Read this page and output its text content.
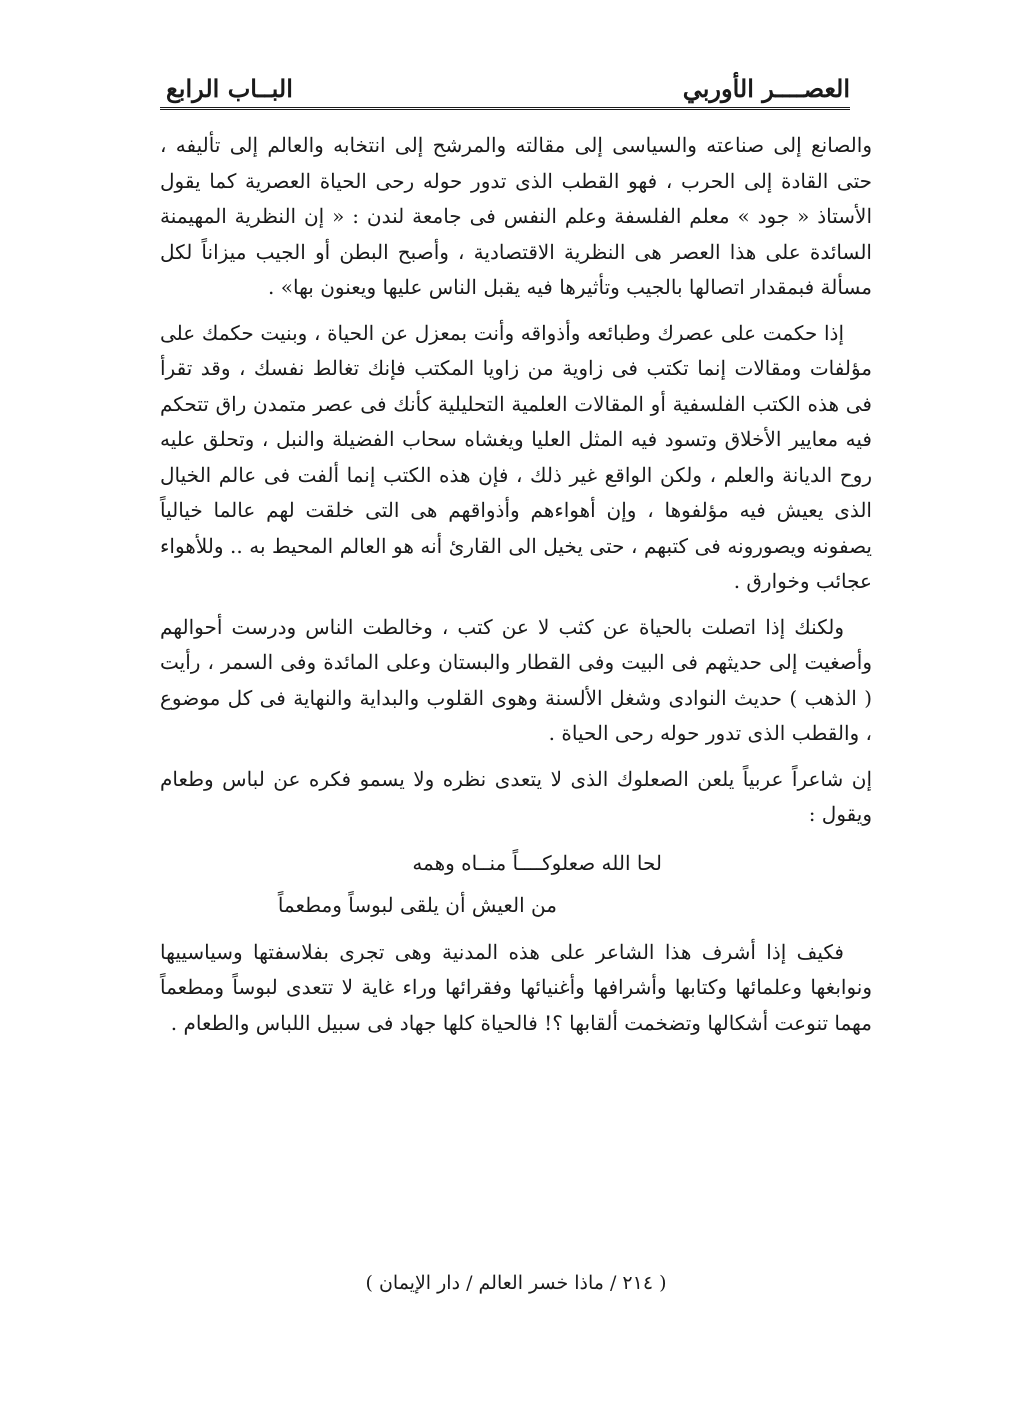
العصــــر الأوربي
البــاب الرابع

والصانع إلى صناعته والسياسى إلى مقالته والمرشح إلى انتخابه والعالم إلى تأليفه ، حتى القادة إلى الحرب ، فهو القطب الذى تدور حوله رحى الحياة العصرية كما يقول الأستاذ « جود » معلم الفلسفة وعلم النفس فى جامعة لندن : « إن النظرية المهيمنة السائدة على هذا العصر هى النظرية الاقتصادية ، وأصبح البطن أو الجيب ميزاناً لكل مسألة فبمقدار اتصالها بالجيب وتأثيرها فيه يقبل الناس عليها ويعنون بها» .

إذا حكمت على عصرك وطبائعه وأذواقه وأنت بمعزل عن الحياة ، وبنيت حكمك على مؤلفات ومقالات إنما تكتب فى زاوية من زاويا المكتب فإنك تغالط نفسك ، وقد تقرأ فى هذه الكتب الفلسفية أو المقالات العلمية التحليلية كأنك فى عصر متمدن راق تتحكم فيه معايير الأخلاق وتسود فيه المثل العليا ويغشاه سحاب الفضيلة والنبل ، وتحلق عليه روح الديانة والعلم ، ولكن الواقع غير ذلك ، فإن هذه الكتب إنما ألفت فى عالم الخيال الذى يعيش فيه مؤلفوها ، وإن أهواءهم وأذواقهم هى التى خلقت لهم عالما خيالياً يصفونه ويصورونه فى كتبهم ، حتى يخيل الى القارئ أنه هو العالم المحيط به .. وللأهواء عجائب وخوارق .

ولكنك إذا اتصلت بالحياة عن كثب لا عن كتب ، وخالطت الناس ودرست أحوالهم وأصغيت إلى حديثهم فى البيت وفى القطار والبستان وعلى المائدة وفى السمر ، رأيت ( الذهب ) حديث النوادى وشغل الألسنة وهوى القلوب والبداية والنهاية فى كل موضوع ، والقطب الذى تدور حوله رحى الحياة .

إن شاعراً عربياً يلعن الصعلوك الذى لا يتعدى نظره ولا يسمو فكره عن لباس وطعام ويقول :

لحا الله صعلوكــــاً منــاه وهمه
من العيش أن يلقى لبوساً ومطعماً

فكيف إذا أشرف هذا الشاعر على هذه المدنية وهى تجرى بفلاسفتها وسياسييها ونوابغها وعلمائها وكتابها وأشرافها وأغنيائها وفقرائها وراء غاية لا تتعدى لبوساً ومطعماً مهما تنوعت أشكالها وتضخمت ألقابها ؟! فالحياة كلها جهاد فى سبيل اللباس والطعام .

( ٢١٤ / ماذا خسر العالم / دار الإيمان )
